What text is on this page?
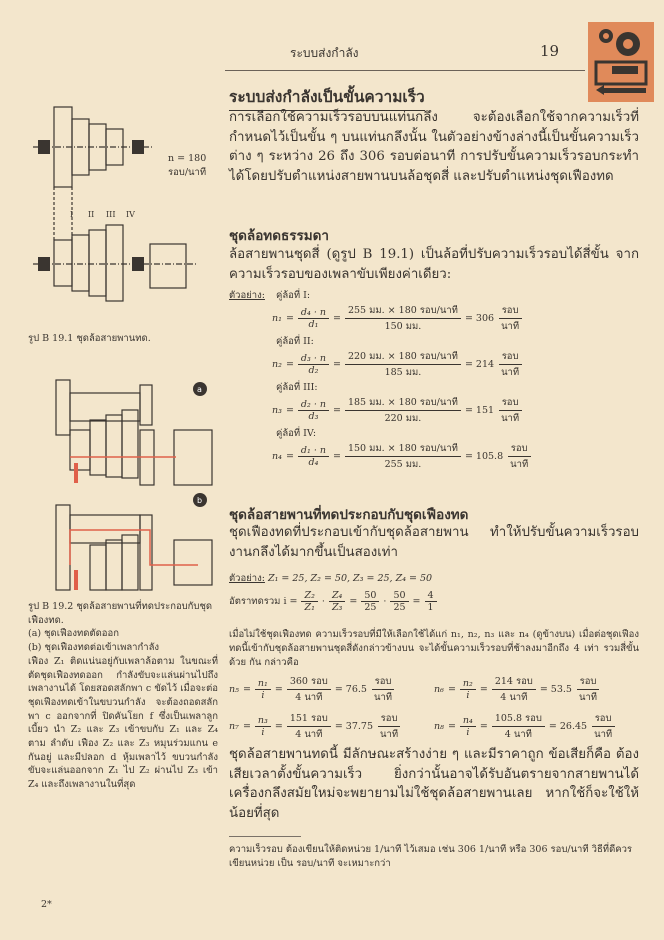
ระบบส่งกำลัง	19
ระบบส่งกำลังเป็นขั้นความเร็ว
การเลือกใช้ความเร็วรอบบนแท่นกลึง จะต้องเลือกใช้จากความเร็วที่ กำหนดไว้เป็นขั้น ๆ บนแท่นกลึงนั้น ในตัวอย่างข้างล่างนี้เป็นขั้นความเร็วต่าง ๆ ระหว่าง 26 ถึง 306 รอบต่อนาที การปรับขั้นความเร็วรอบกระทำได้โดยปรับตำแหน่งสายพานบนล้อชุดสี่ และปรับตำแหน่งชุดเฟืองทด
ชุดล้อทดธรรมดา
ล้อสายพานชุดสี่ (ดูรูป B 19.1) เป็นล้อที่ปรับความเร็วรอบได้สี่ขั้น จากความเร็วรอบของเพลาขับเพียงค่าเดียว:
ตัวอย่าง: คู่ล้อที่ I:
$n_1 = \frac{\text{d₄ · n}}{\text{d₁}} = \frac{\text{255 มม. × 180 รอบ/นาที}}{\text{150 มม.}} = 306 \frac{\text{รอบ}}{\text{นาที}}$
คู่ล้อที่ II:
$n_2 = \frac{\text{d₃ · n}}{\text{d₂}} = \frac{\text{220 มม. × 180 รอบ/นาที}}{\text{185 มม.}} = 214 \frac{\text{รอบ}}{\text{นาที}}$
คู่ล้อที่ III:
$n_3 = \frac{\text{d₂ · n}}{\text{d₃}} = \frac{\text{185 มม. × 180 รอบ/นาที}}{\text{220 มม.}} = 151 \frac{\text{รอบ}}{\text{นาที}}$
คู่ล้อที่ IV:
$n_4 = \frac{\text{d₁ · n}}{\text{d₄}} = \frac{\text{150 มม. × 180 รอบ/นาที}}{\text{255 มม.}} = 105.8 \frac{\text{รอบ}}{\text{นาที}}$
ชุดล้อสายพานที่ทดประกอบกับชุดเฟืองทด
ชุดเฟืองทดที่ประกอบเข้ากับชุดล้อสายพาน ทำให้ปรับขั้นความเร็วรอบงานกลึงได้มากขึ้นเป็นสองเท่า
ตัวอย่าง: Z₁ = 25, Z₂ = 50, Z₃ = 25, Z₄ = 50
อัตราทดรวม $i = \frac{\text{Z₂}}{\text{Z₁}} \cdot \frac{\text{Z₄}}{\text{Z₃}} = \frac{50}{25} \cdot \frac{50}{25} = \frac{4}{1}$
เมื่อไม่ใช้ชุดเฟืองทด ความเร็วรอบที่มีให้เลือกใช้ได้แก่ n₁, n₂, n₃ และ n₄ (ดูข้างบน) เมื่อต่อชุดเฟืองทดนี้เข้ากับชุดล้อสายพานชุดสี่ดังกล่าวข้างบน จะได้ขั้นความเร็วรอบที่ช้าลงมาอีกถึง 4 เท่า รวมสี่ขั้นด้วย กัน กล่าวคือ
$n_5 = \frac{\text{n₁}}{i} = \frac{\text{360 รอบ}}{\text{4 นาที}} = 76.5 \frac{\text{รอบ}}{\text{นาที}}$	$n_6 = \frac{\text{n₂}}{i} = \frac{\text{214 รอบ}}{\text{4 นาที}} = 53.5 \frac{\text{รอบ}}{\text{นาที}}$
$n_7 = \frac{\text{n₃}}{i} = \frac{\text{151 รอบ}}{\text{4 นาที}} = 37.75 \frac{\text{รอบ}}{\text{นาที}}$	$n_8 = \frac{\text{n₄}}{i} = \frac{\text{105.8 รอบ}}{\text{4 นาที}} = 26.45 \frac{\text{รอบ}}{\text{นาที}}$
ชุดล้อสายพานทดนี้ มีลักษณะสร้างง่าย ๆ และมีราคาถูก ข้อเสียก็คือ ต้องเสียเวลาตั้งขั้นความเร็ว ยิ่งกว่านั้นอาจได้รับอันตรายจากสายพานได้ เครื่องกลึงสมัยใหม่จะพยายามไม่ใช้ชุดล้อสายพานเลย หากใช้ก็จะใช้ให้น้อยที่สุด
ความเร็วรอบ ต้องเขียนให้ติดหน่วย 1/นาที ไว้เสมอ เช่น 306 1/นาที หรือ 306 รอบ/นาที วิธีที่ดีควรเขียนหน่วย เป็น รอบ/นาที จะเหมาะกว่า
I II III IV
n = 180
รอบ/นาที
รูป B 19.1 ชุดล้อสายพานทด.
a
b
รูป B 19.2 ชุดล้อสายพานที่ทดประกอบกับชุดเฟืองทด.
(a) ชุดเฟืองทดตัดออก
(b) ชุดเฟืองทดต่อเข้าเพลากำลัง
เฟือง Z₁ ติดแน่นอยู่กับเพลาล้อตาม ในขณะที่ตัดชุดเฟืองทดออก กำลังขับจะแล่นผ่านไปถึงเพลางานได้ โดยสอดสลักพา c ขัดไว้ เมื่อจะต่อชุดเฟืองทดเข้าในขบวนกำลัง จะต้องถอดสลักพา c ออกจากที่ ปิดคันโยก f ซึ่งเป็นเพลาลูกเบี้ยว นำ Z₂ และ Z₃ เข้าขบกับ Z₁ และ Z₄ ตาม ลำดับ เฟือง Z₂ และ Z₃ หมุนร่วมแกน e กันอยู่ และมีปลอก d หุ้มเพลาไว้ ขบวนกำลังขับจะแล่นออกจาก Z₁ ไป Z₂ ผ่านไป Z₃ เข้า Z₄ และถึงเพลางานในที่สุด
2*
